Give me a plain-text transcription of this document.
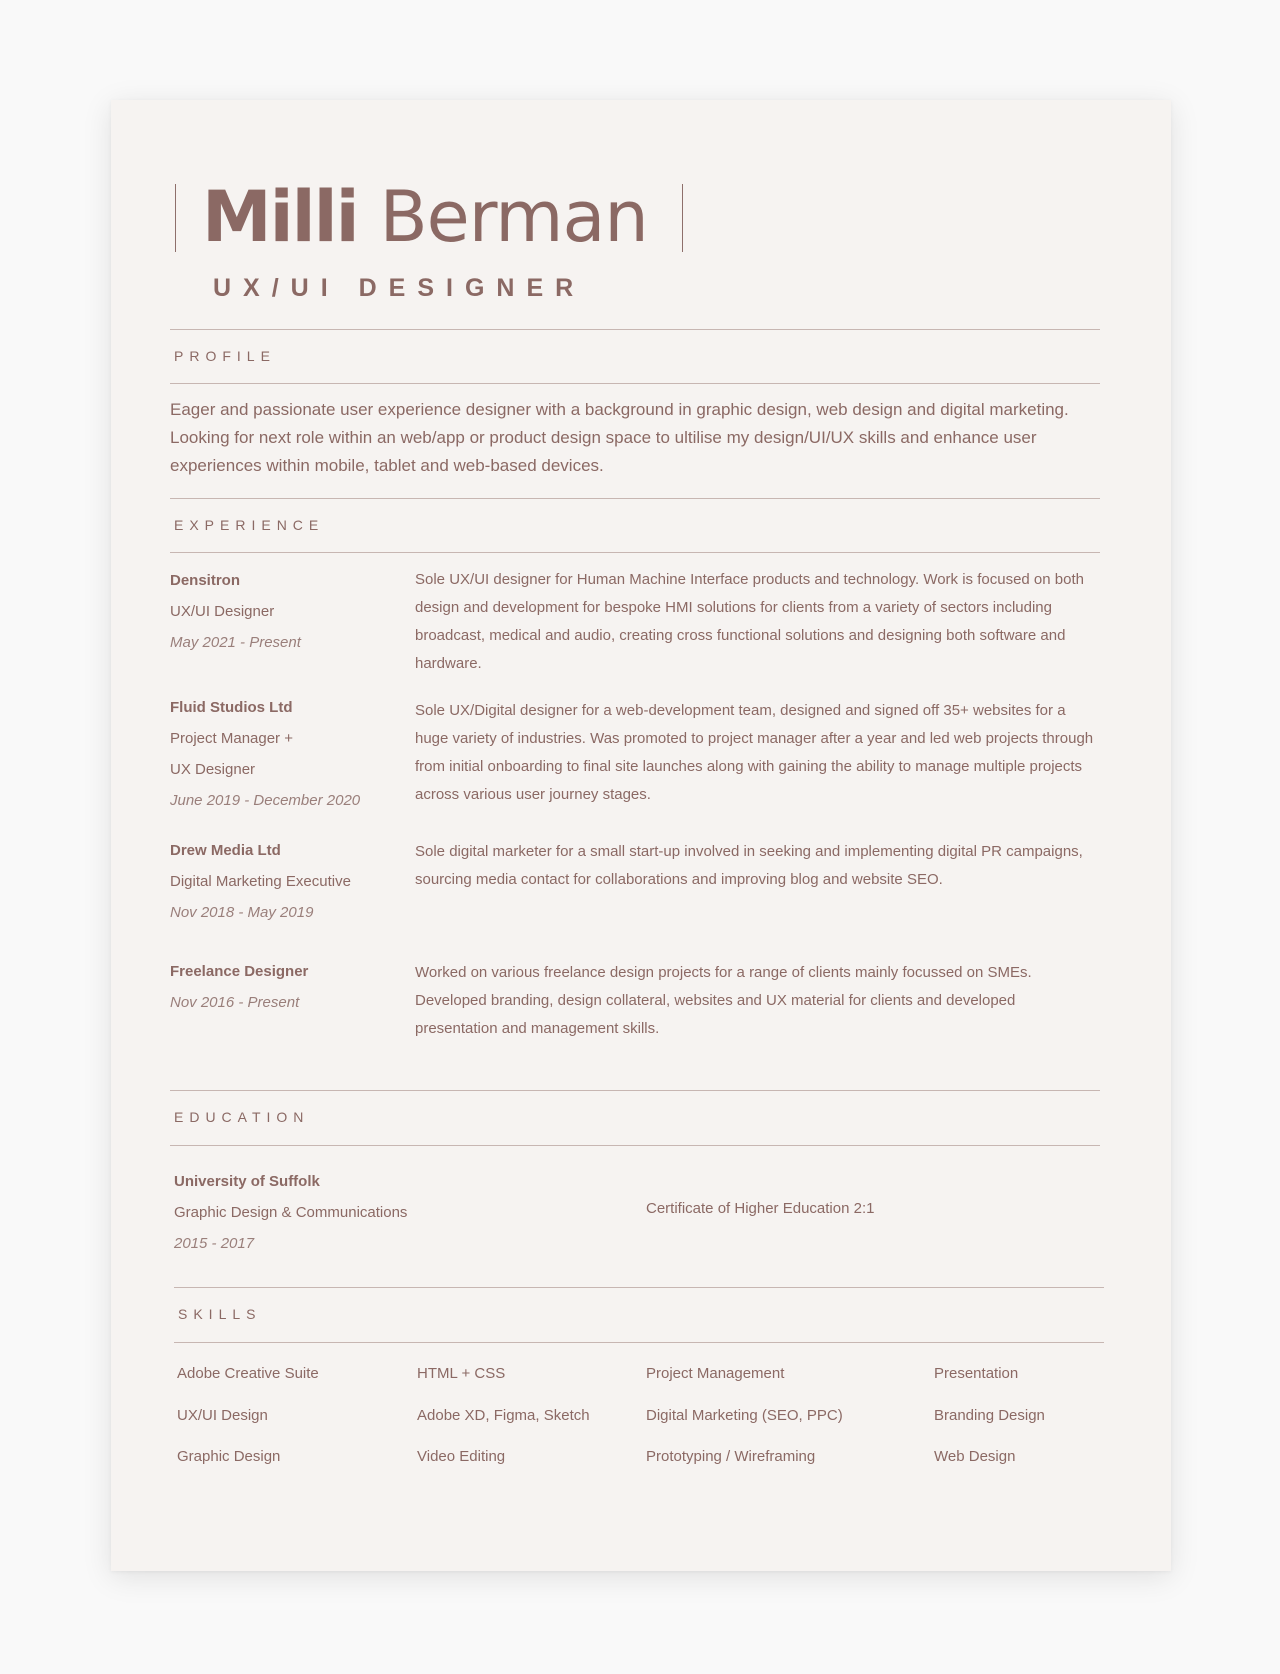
Milli Berman
UX/UI DESIGNER
PROFILE
Eager and passionate user experience designer with a background in graphic design, web design and digital marketing. Looking for next role within an web/app or product design space to ultilise my design/UI/UX skills and enhance user experiences within mobile, tablet and web-based devices.
EXPERIENCE
Densitron
UX/UI Designer
May 2021 - Present
Sole UX/UI designer for Human Machine Interface products and technology. Work is focused on both design and development for bespoke HMI solutions for clients from a variety of sectors including broadcast, medical and audio, creating cross functional solutions and designing both software and hardware.
Fluid Studios Ltd
Project Manager +
UX Designer
June 2019 - December 2020
Sole UX/Digital designer for a web-development team, designed and signed off 35+ websites for a huge variety of industries. Was promoted to project manager after a year and led web projects through from initial onboarding to final site launches along with gaining the ability to manage multiple projects across various user journey stages.
Drew Media Ltd
Digital Marketing Executive
Nov 2018 - May 2019
Sole digital marketer for a small start-up involved in seeking and implementing digital PR campaigns, sourcing media contact for collaborations and improving blog and website SEO.
Freelance Designer
Nov 2016 - Present
Worked on various freelance design projects for a range of clients mainly focussed on SMEs. Developed branding, design collateral, websites and UX material for clients and developed presentation and management skills.
EDUCATION
University of Suffolk
Graphic Design & Communications
2015 - 2017
Certificate of Higher Education 2:1
SKILLS
Adobe Creative Suite
UX/UI Design
Graphic Design
HTML + CSS
Adobe XD, Figma, Sketch
Video Editing
Project Management
Digital Marketing (SEO, PPC)
Prototyping / Wireframing
Presentation
Branding Design
Web Design
